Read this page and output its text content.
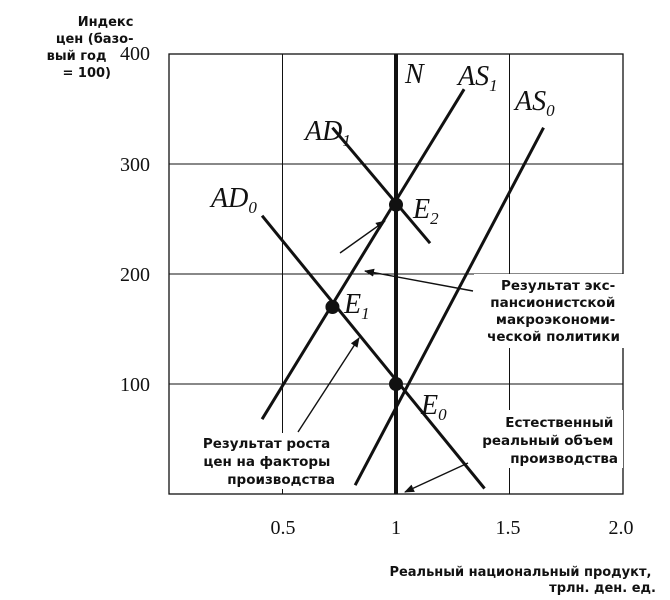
Индекс цен (базо- вый год = 100)
400
300
200
100
0.5	1	1.5	2.0
Реальный национальный продукт, трлн. ден. ед.
$AD_0$
$AD_1$
$AS_0$
$AS_1$
N
$E_0$
$E_1$
$E_2$
Результат экс- пансионистской макроэкономи- ческой политики
Результат роста цен на факторы производства
Естественный реальный объем производства
